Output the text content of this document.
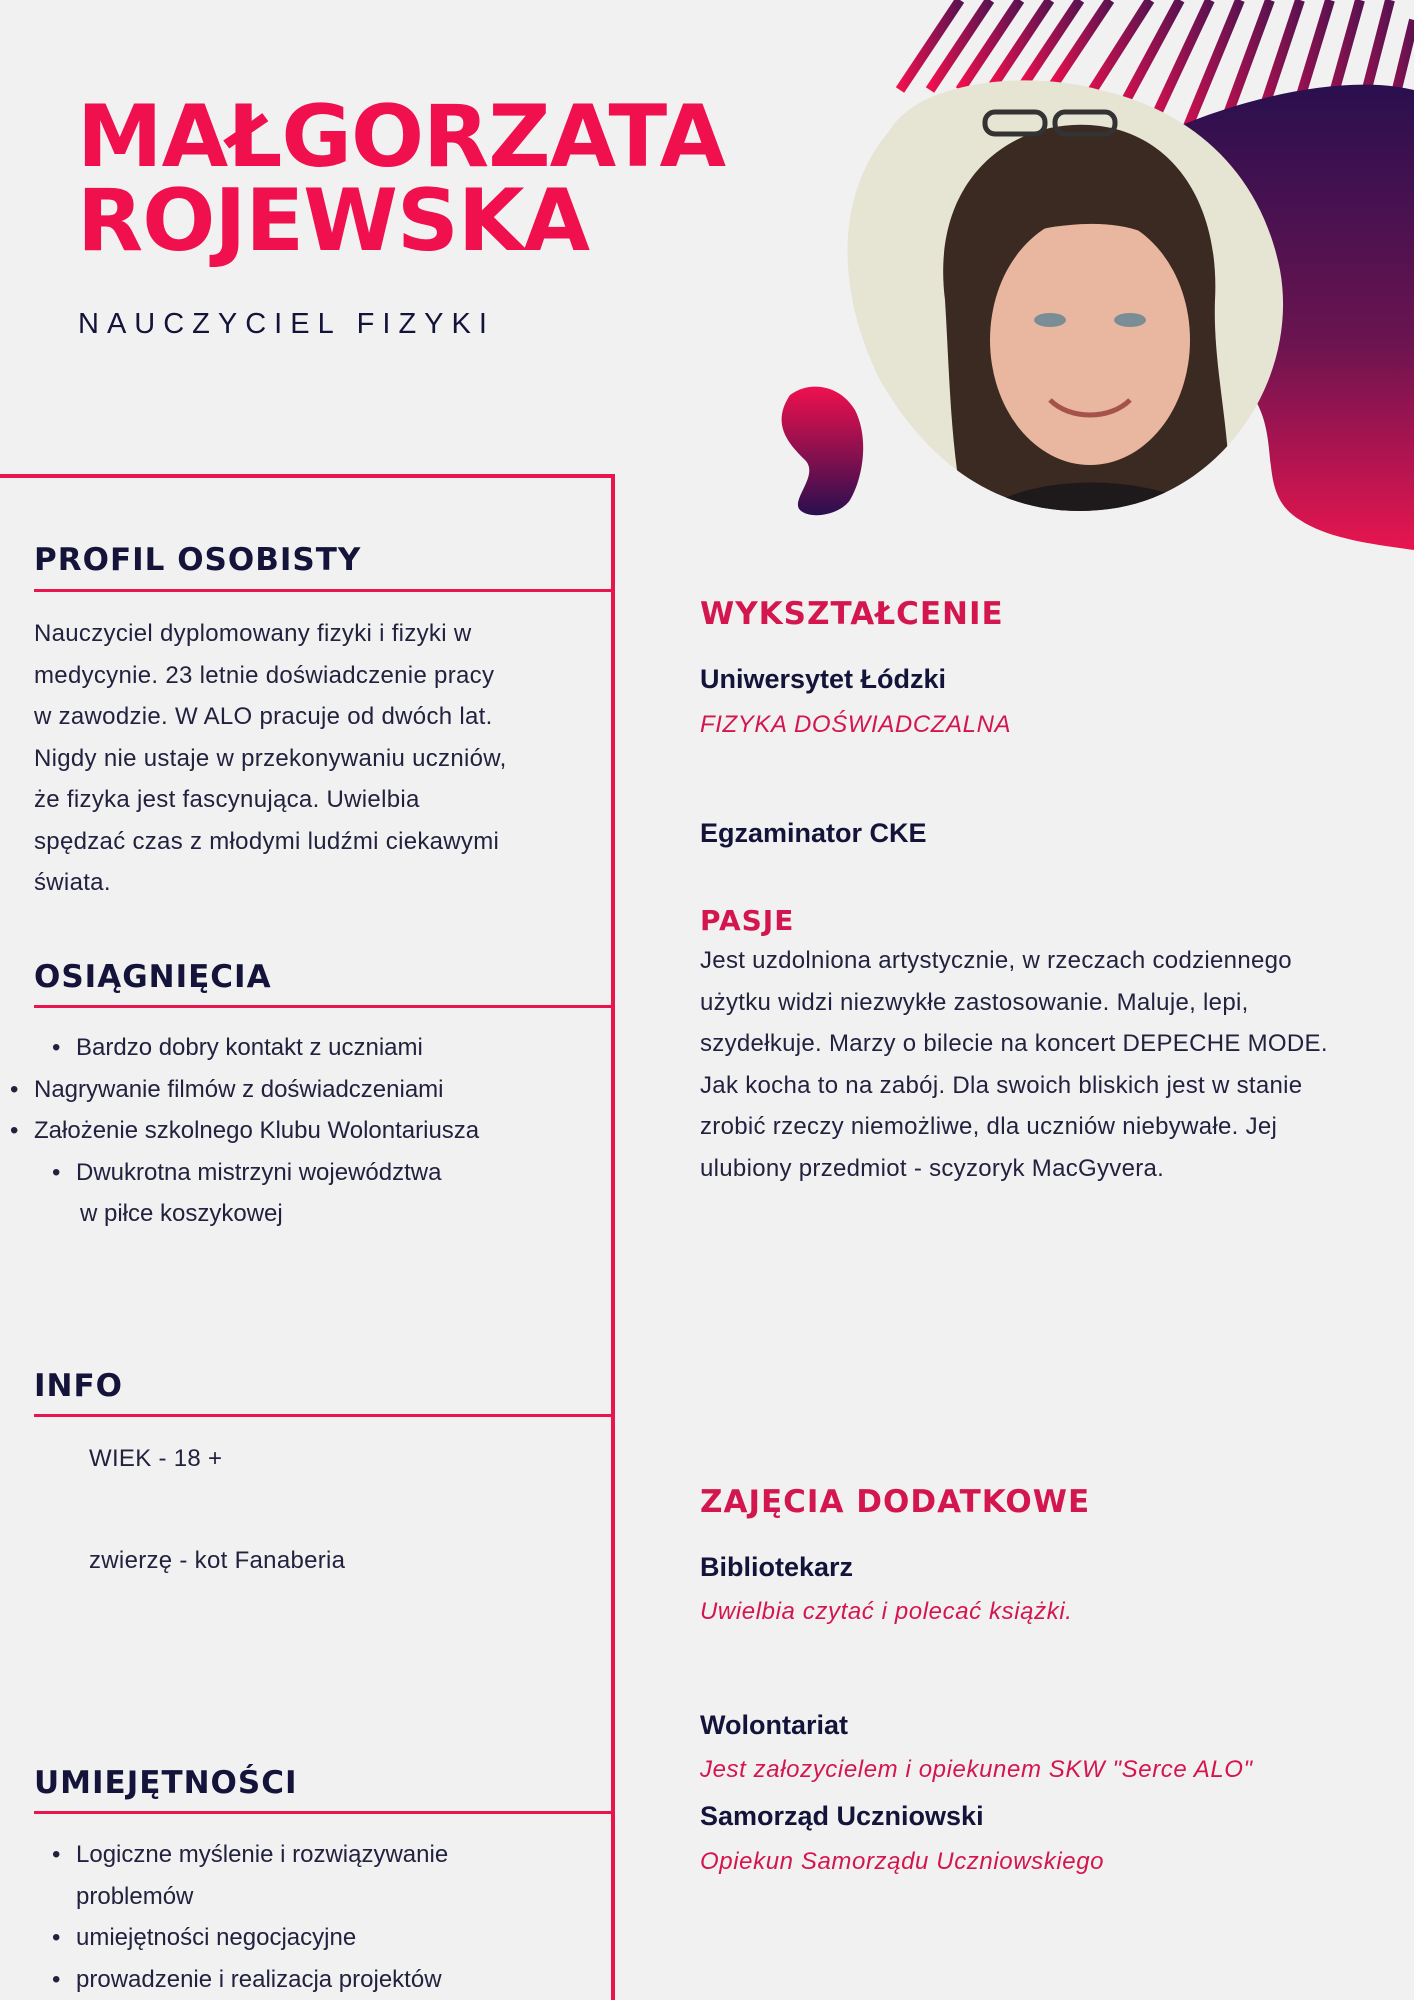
MAŁGORZATA
ROJEWSKA
NAUCZYCIEL FIZYKI
PROFIL OSOBISTY
Nauczyciel dyplomowany fizyki i fizyki w
medycynie. 23 letnie doświadczenie pracy
w zawodzie. W ALO pracuje od dwóch lat.
Nigdy nie ustaje w przekonywaniu uczniów,
że fizyka jest fascynująca. Uwielbia
spędzać czas z młodymi ludźmi ciekawymi
świata.
OSIĄGNIĘCIA
• Bardzo dobry kontakt z uczniami
• Nagrywanie filmów z doświadczeniami
• Założenie szkolnego Klubu Wolontariusza
• Dwukrotna mistrzyni województwa
w piłce koszykowej
INFO
WIEK - 18 +
zwierzę - kot Fanaberia
UMIEJĘTNOŚCI
• Logiczne myślenie i rozwiązywanie
problemów
• umiejętności negocjacyjne
• prowadzenie i realizacja projektów
WYKSZTAŁCENIE
Uniwersytet Łódzki
FIZYKA DOŚWIADCZALNA
Egzaminator CKE
PASJE
Jest uzdolniona artystycznie, w rzeczach codziennego
użytku widzi niezwykłe zastosowanie. Maluje, lepi,
szydełkuje. Marzy o bilecie na koncert DEPECHE MODE.
Jak kocha to na zabój. Dla swoich bliskich jest w stanie
zrobić rzeczy niemożliwe, dla uczniów niebywałe. Jej
ulubiony przedmiot - scyzoryk MacGyvera.
ZAJĘCIA DODATKOWE
Bibliotekarz
Uwielbia czytać i polecać książki.
Wolontariat
Jest załozycielem i opiekunem SKW "Serce ALO"
Samorząd Uczniowski
Opiekun Samorządu Uczniowskiego
